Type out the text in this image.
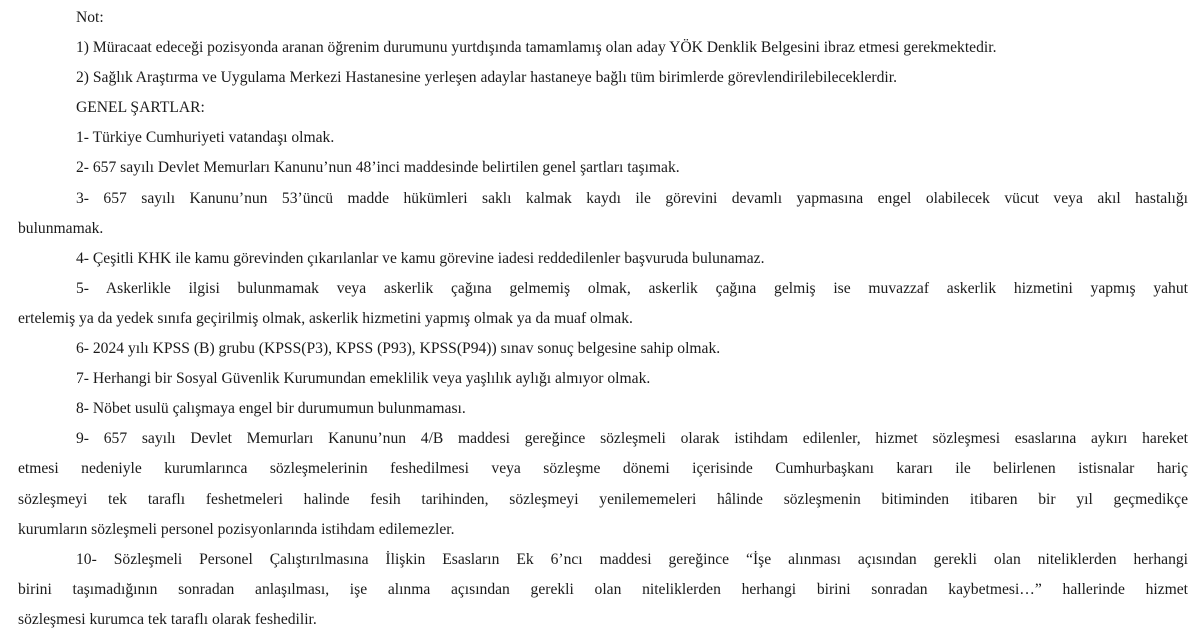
Not:
1) Müracaat edeceği pozisyonda aranan öğrenim durumunu yurtdışında tamamlamış olan aday YÖK Denklik Belgesini ibraz etmesi gerekmektedir.
2) Sağlık Araştırma ve Uygulama Merkezi Hastanesine yerleşen adaylar hastaneye bağlı tüm birimlerde görevlendirilebileceklerdir.
GENEL ŞARTLAR:
1- Türkiye Cumhuriyeti vatandaşı olmak.
2- 657 sayılı Devlet Memurları Kanunu’nun 48’inci maddesinde belirtilen genel şartları taşımak.
3- 657 sayılı Kanunu’nun 53’üncü madde hükümleri saklı kalmak kaydı ile görevini devamlı yapmasına engel olabilecek vücut veya akıl hastalığı
bulunmamak.
4- Çeşitli KHK ile kamu görevinden çıkarılanlar ve kamu görevine iadesi reddedilenler başvuruda bulunamaz.
5- Askerlikle ilgisi bulunmamak veya askerlik çağına gelmemiş olmak, askerlik çağına gelmiş ise muvazzaf askerlik hizmetini yapmış yahut
ertelemiş ya da yedek sınıfa geçirilmiş olmak, askerlik hizmetini yapmış olmak ya da muaf olmak.
6- 2024 yılı KPSS (B) grubu (KPSS(P3), KPSS (P93), KPSS(P94)) sınav sonuç belgesine sahip olmak.
7- Herhangi bir Sosyal Güvenlik Kurumundan emeklilik veya yaşlılık aylığı almıyor olmak.
8- Nöbet usulü çalışmaya engel bir durumumun bulunmaması.
9- 657 sayılı Devlet Memurları Kanunu’nun 4/B maddesi gereğince sözleşmeli olarak istihdam edilenler, hizmet sözleşmesi esaslarına aykırı hareket
etmesi nedeniyle kurumlarınca sözleşmelerinin feshedilmesi veya sözleşme dönemi içerisinde Cumhurbaşkanı kararı ile belirlenen istisnalar hariç
sözleşmeyi tek taraflı feshetmeleri halinde fesih tarihinden, sözleşmeyi yenilememeleri hâlinde sözleşmenin bitiminden itibaren bir yıl geçmedikçe
kurumların sözleşmeli personel pozisyonlarında istihdam edilemezler.
10- Sözleşmeli Personel Çalıştırılmasına İlişkin Esasların Ek 6’ncı maddesi gereğince “İşe alınması açısından gerekli olan niteliklerden herhangi
birini taşımadığının sonradan anlaşılması, işe alınma açısından gerekli olan niteliklerden herhangi birini sonradan kaybetmesi…” hallerinde hizmet
sözleşmesi kurumca tek taraflı olarak feshedilir.
